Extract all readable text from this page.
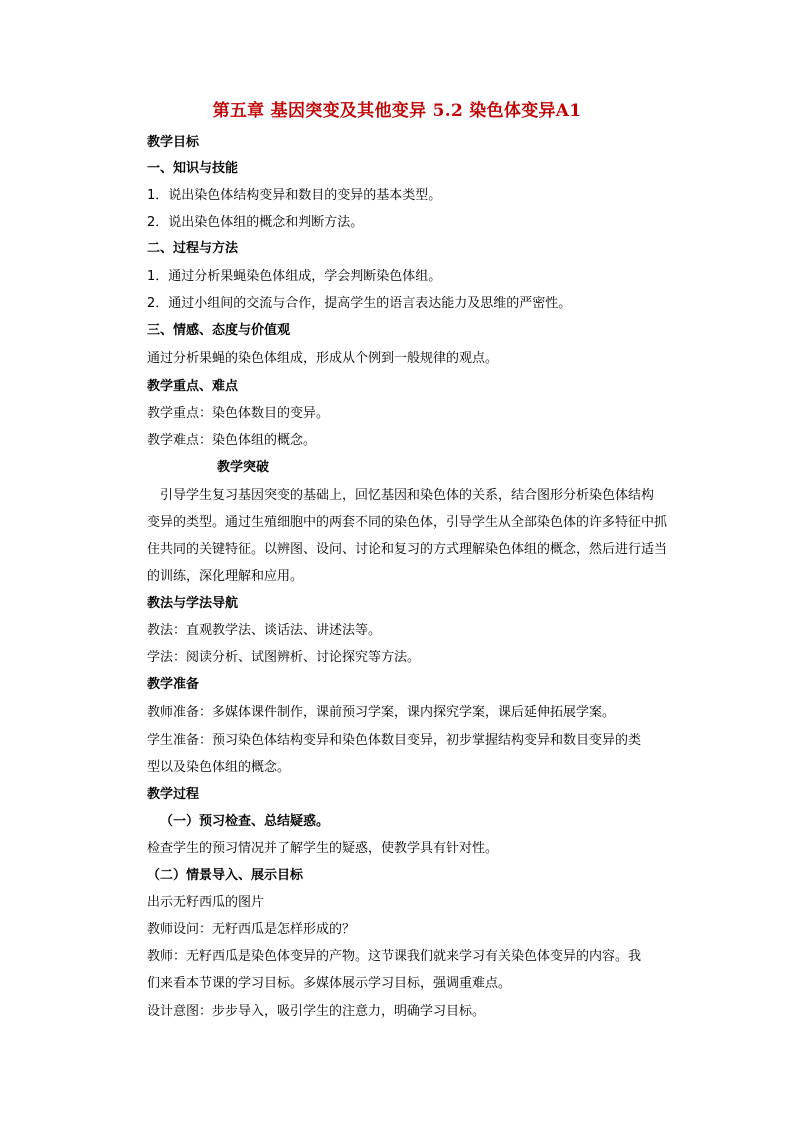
第五章 基因突变及其他变异 5.2 染色体变异A1
教学目标
一、知识与技能
1．说出染色体结构变异和数目的变异的基本类型。
2．说出染色体组的概念和判断方法。
二、过程与方法
1．通过分析果蝇染色体组成，学会判断染色体组。
2．通过小组间的交流与合作，提高学生的语言表达能力及思维的严密性。
三、情感、态度与价值观
通过分析果蝇的染色体组成，形成从个例到一般规律的观点。
教学重点、难点
教学重点：染色体数目的变异。
教学难点：染色体组的概念。
教学突破
引导学生复习基因突变的基础上，回忆基因和染色体的关系，结合图形分析染色体结构
变异的类型。通过生殖细胞中的两套不同的染色体，引导学生从全部染色体的许多特征中抓
住共同的关键特征。以辨图、设问、讨论和复习的方式理解染色体组的概念，然后进行适当
的训练，深化理解和应用。
教法与学法导航
教法：直观教学法、谈话法、讲述法等。
学法：阅读分析、试图辨析、讨论探究等方法。
教学准备
教师准备：多媒体课件制作，课前预习学案，课内探究学案，课后延伸拓展学案。
学生准备：预习染色体结构变异和染色体数目变异，初步掌握结构变异和数目变异的类
型以及染色体组的概念。
教学过程
（一）预习检查、总结疑惑。
检查学生的预习情况并了解学生的疑惑，使教学具有针对性。
（二）情景导入、展示目标
出示无籽西瓜的图片
教师设问：无籽西瓜是怎样形成的？
教师：无籽西瓜是染色体变异的产物。这节课我们就来学习有关染色体变异的内容。我
们来看本节课的学习目标。多媒体展示学习目标，强调重难点。
设计意图：步步导入，吸引学生的注意力，明确学习目标。
